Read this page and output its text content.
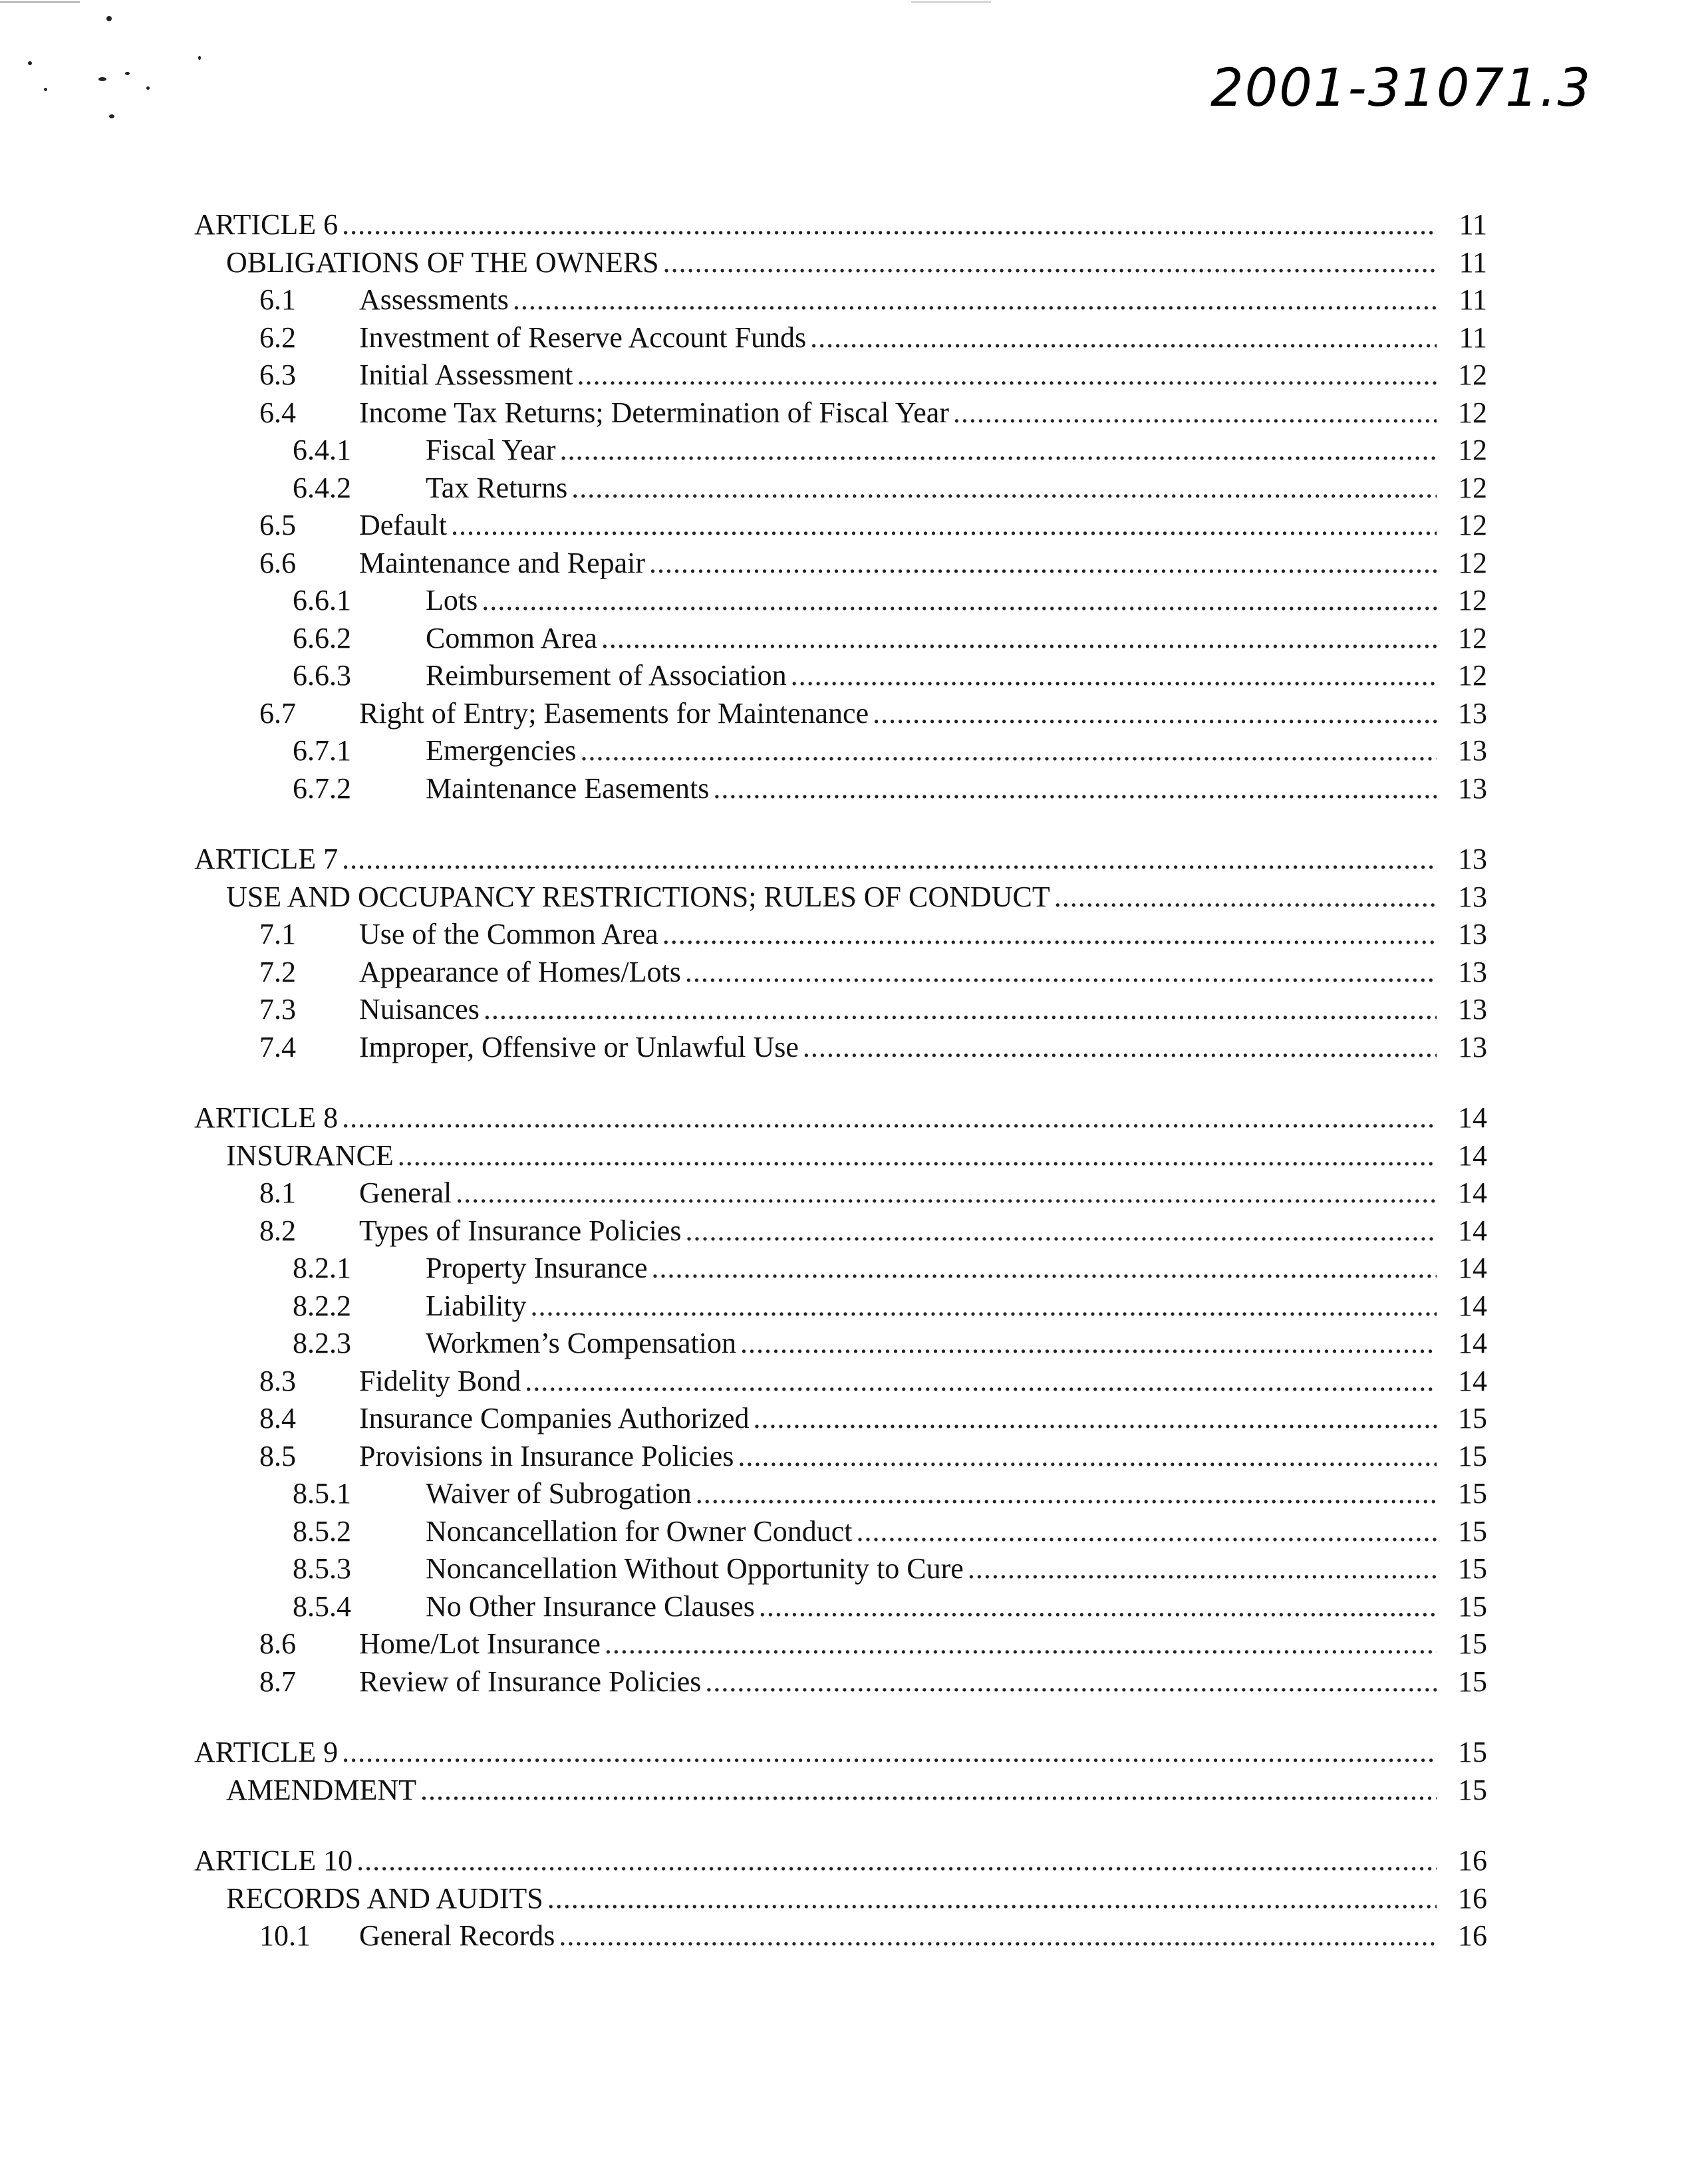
2001-31071.3
ARTICLE 6 .....	11
OBLIGATIONS OF THE OWNERS .....	11
6.1	Assessments .....	11
6.2	Investment of Reserve Account Funds .....	11
6.3	Initial Assessment .....	12
6.4	Income Tax Returns; Determination of Fiscal Year .....	12
6.4.1	Fiscal Year .....	12
6.4.2	Tax Returns .....	12
6.5	Default .....	12
6.6	Maintenance and Repair .....	12
6.6.1	Lots .....	12
6.6.2	Common Area .....	12
6.6.3	Reimbursement of Association .....	12
6.7	Right of Entry; Easements for Maintenance .....	13
6.7.1	Emergencies .....	13
6.7.2	Maintenance Easements .....	13
ARTICLE 7 .....	13
USE AND OCCUPANCY RESTRICTIONS; RULES OF CONDUCT .....	13
7.1	Use of the Common Area .....	13
7.2	Appearance of Homes/Lots .....	13
7.3	Nuisances .....	13
7.4	Improper, Offensive or Unlawful Use .....	13
ARTICLE 8 .....	14
INSURANCE .....	14
8.1	General .....	14
8.2	Types of Insurance Policies .....	14
8.2.1	Property Insurance .....	14
8.2.2	Liability .....	14
8.2.3	Workmen’s Compensation .....	14
8.3	Fidelity Bond .....	14
8.4	Insurance Companies Authorized .....	15
8.5	Provisions in Insurance Policies .....	15
8.5.1	Waiver of Subrogation .....	15
8.5.2	Noncancellation for Owner Conduct .....	15
8.5.3	Noncancellation Without Opportunity to Cure .....	15
8.5.4	No Other Insurance Clauses .....	15
8.6	Home/Lot Insurance .....	15
8.7	Review of Insurance Policies .....	15
ARTICLE 9 .....	15
AMENDMENT .....	15
ARTICLE 10 .....	16
RECORDS AND AUDITS .....	16
10.1	General Records .....	16
